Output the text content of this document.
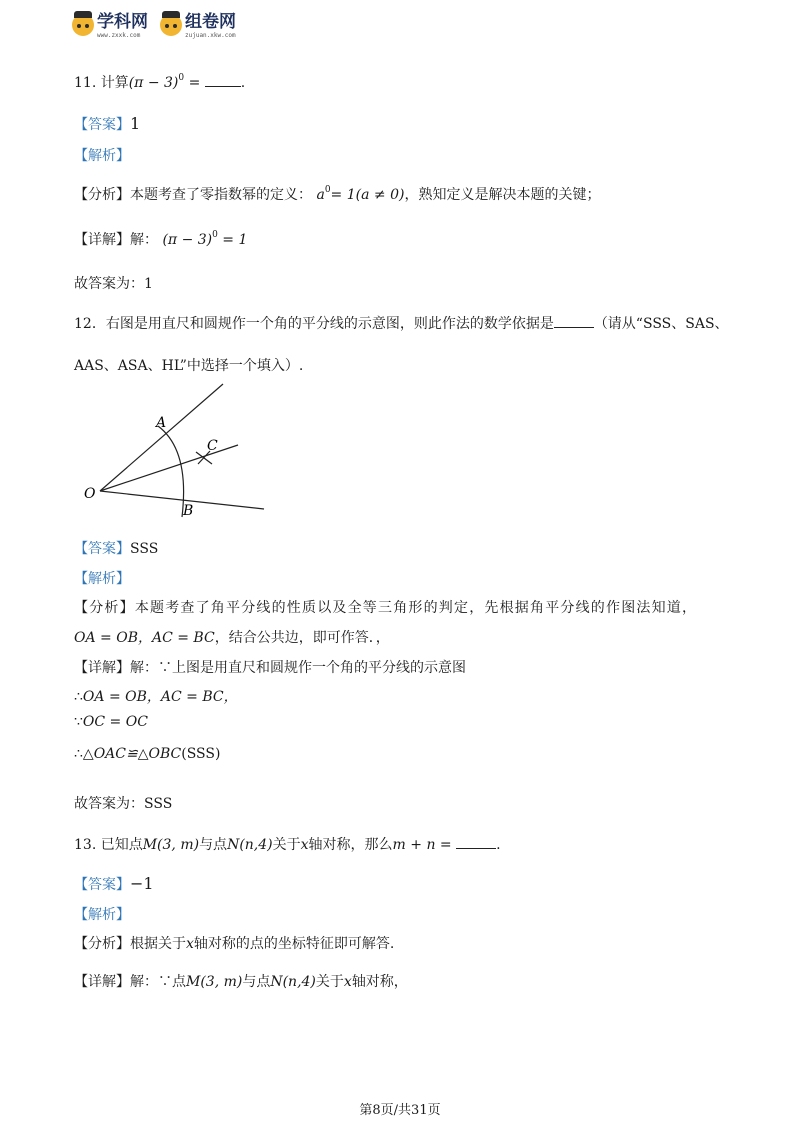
学科网
www.zxxk.com
组卷网
zujuan.xkw.com
11. 计算$(\pi - 3)^0$ =	.
【答案】1
【解析】
【分析】本题考查了零指数幂的定义： $a^0= 1(a \ne 0)$，熟知定义是解决本题的关键；
【详解】解： $(\pi - 3)^0 = 1$
故答案为：1
12．右图是用直尺和圆规作一个角的平分线的示意图，则此作法的数学依据是	（请从“SSS、SAS、
AAS、ASA、HL”中选择一个填入）.
A
C
O
B
【答案】SSS
【解析】
【分析】本题考查了角平分线的性质以及全等三角形的判定，先根据角平分线的作图法知道，
OA = OB，AC = BC，结合公共边，即可作答．，
【详解】解：∵上图是用直尺和圆规作一个角的平分线的示意图
∴OA = OB，AC = BC，
∵OC = OC
∴△OAC≌△OBC(SSS)
故答案为：SSS
13. 已知点M(3, m)与点N(n,4)关于x轴对称，那么m + n =	.
【答案】−1
【解析】
【分析】根据关于x轴对称的点的坐标特征即可解答.
【详解】解：∵点M(3, m)与点N(n,4)关于x轴对称，
第8页/共31页
